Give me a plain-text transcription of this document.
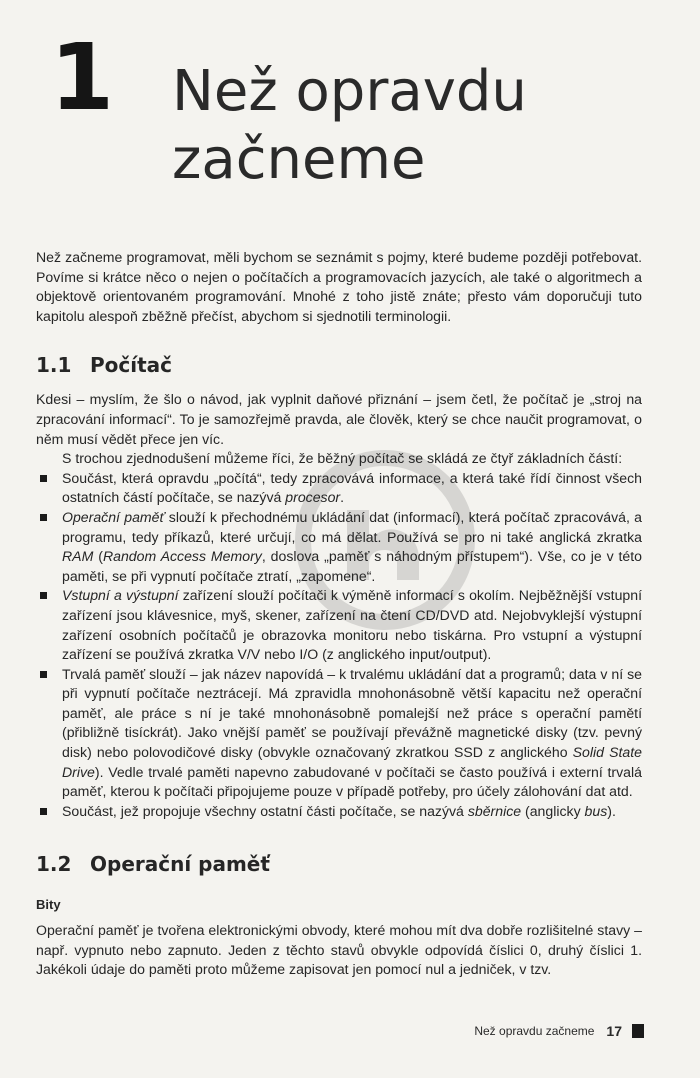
1 Než opravdu začneme

Než začneme programovat, měli bychom se seznámit s pojmy, které budeme později potřebovat. Povíme si krátce něco o nejen o počítačích a programovacích jazycích, ale také o algoritmech a objektově orientovaném programování. Mnohé z toho jistě znáte; přesto vám doporučuji tuto kapitolu alespoň zběžně přečíst, abychom si sjednotili terminologii.

1.1 Počítač

Kdesi – myslím, že šlo o návod, jak vyplnit daňové přiznání – jsem četl, že počítač je „stroj na zpracování informací“. To je samozřejmě pravda, ale člověk, který se chce naučit programovat, o něm musí vědět přece jen víc.

S trochou zjednodušení můžeme říci, že běžný počítač se skládá ze čtyř základních částí:

Součást, která opravdu „počítá“, tedy zpracovává informace, a která také řídí činnost všech ostatních částí počítače, se nazývá procesor.
Operační paměť slouží k přechodnému ukládání dat (informací), která počítač zpracovává, a programu, tedy příkazů, které určují, co má dělat. Používá se pro ni také anglická zkratka RAM (Random Access Memory, doslova „paměť s náhodným přístupem“). Vše, co je v této paměti, se při vypnutí počítače ztratí, „zapomene“.
Vstupní a výstupní zařízení slouží počítači k výměně informací s okolím. Nejběžnější vstupní zařízení jsou klávesnice, myš, skener, zařízení na čtení CD/DVD atd. Nejobvyklejší výstupní zařízení osobních počítačů je obrazovka monitoru nebo tiskárna. Pro vstupní a výstupní zařízení se používá zkratka V/V nebo I/O (z anglického input/output).
Trvalá paměť slouží – jak název napovídá – k trvalému ukládání dat a programů; data v ní se při vypnutí počítače neztrácejí. Má zpravidla mnohonásobně větší kapacitu než operační paměť, ale práce s ní je také mnohonásobně pomalejší než práce s operační pamětí (přibližně tisíckrát). Jako vnější paměť se používají převážně magnetické disky (tzv. pevný disk) nebo polovodičové disky (obvykle označovaný zkratkou SSD z anglického Solid State Drive). Vedle trvalé paměti napevno zabudované v počítači se často používá i externí trvalá paměť, kterou k počítači připojujeme pouze v případě potřeby, pro účely zálohování dat atd.
Součást, jež propojuje všechny ostatní části počítače, se nazývá sběrnice (anglicky bus).
1.2 Operační paměť
Bity

Operační paměť je tvořena elektronickými obvody, které mohou mít dva dobře rozlišitelné stavy – např. vypnuto nebo zapnuto. Jeden z těchto stavů obvykle odpovídá číslici 0, druhý číslici 1. Jakékoli údaje do paměti proto můžeme zapisovat jen pomocí nul a jedniček, v tzv.

Než opravdu začneme 17
